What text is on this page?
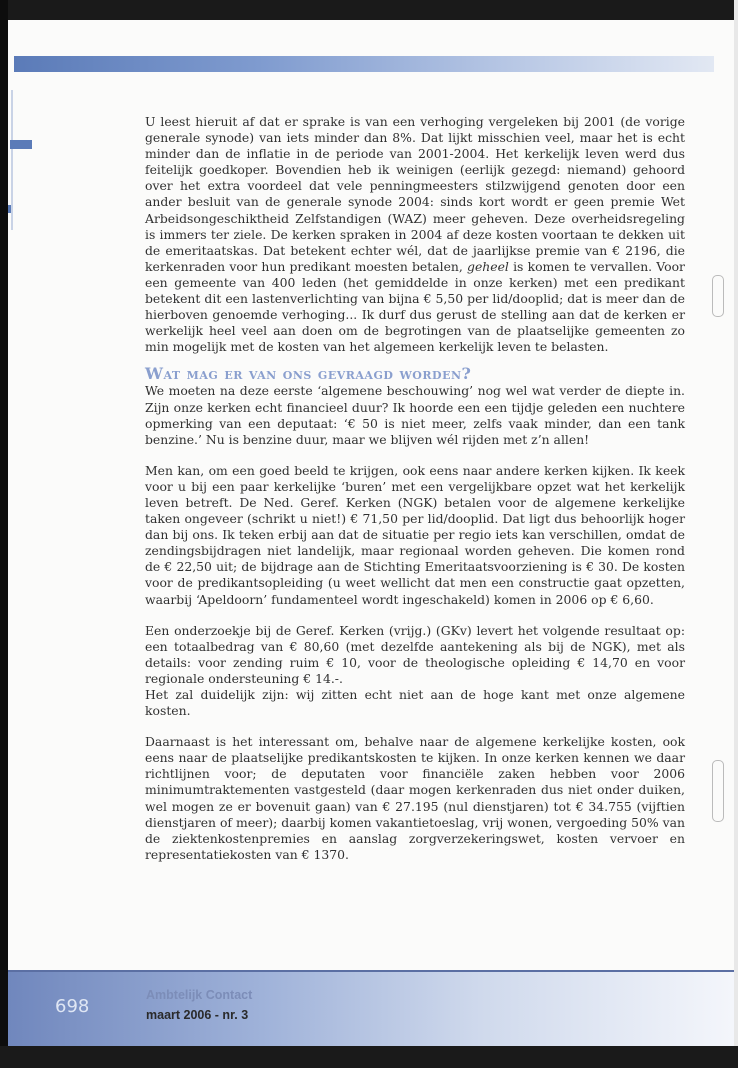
U leest hieruit af dat er sprake is van een verhoging vergeleken bij 2001 (de vorige generale synode) van iets minder dan 8%. Dat lijkt misschien veel, maar het is echt minder dan de inflatie in de periode van 2001-2004. Het kerkelijk leven werd dus feitelijk goedkoper. Bovendien heb ik weinigen (eerlijk gezegd: niemand) gehoord over het extra voordeel dat vele penningmeesters stilzwijgend genoten door een ander besluit van de generale synode 2004: sinds kort wordt er geen premie Wet Arbeidsongeschiktheid Zelfstandigen (WAZ) meer geheven. Deze overheidsregeling is immers ter ziele. De kerken spraken in 2004 af deze kosten voortaan te dekken uit de emeritaatskas. Dat betekent echter wél, dat de jaarlijkse premie van € 2196, die kerkenraden voor hun predikant moesten betalen, geheel is komen te vervallen. Voor een gemeente van 400 leden (het gemiddelde in onze kerken) met een predikant betekent dit een lastenverlichting van bijna € 5,50 per lid/dooplid; dat is meer dan de hierboven genoemde verhoging... Ik durf dus gerust de stelling aan dat de kerken er werkelijk heel veel aan doen om de begrotingen van de plaatselijke gemeenten zo min mogelijk met de kosten van het algemeen kerkelijk leven te belasten.

Wat mag er van ons gevraagd worden?

We moeten na deze eerste ‘algemene beschouwing’ nog wel wat verder de diepte in. Zijn onze kerken echt financieel duur? Ik hoorde een een tijdje geleden een nuchtere opmerking van een deputaat: ‘€ 50 is niet meer, zelfs vaak minder, dan een tank benzine.’ Nu is benzine duur, maar we blijven wél rijden met z’n allen!

Men kan, om een goed beeld te krijgen, ook eens naar andere kerken kijken. Ik keek voor u bij een paar kerkelijke ‘buren’ met een vergelijkbare opzet wat het kerkelijk leven betreft. De Ned. Geref. Kerken (NGK) betalen voor de algemene kerkelijke taken ongeveer (schrikt u niet!) € 71,50 per lid/dooplid. Dat ligt dus behoorlijk hoger dan bij ons. Ik teken erbij aan dat de situatie per regio iets kan verschillen, omdat de zendingsbijdragen niet landelijk, maar regionaal worden geheven. Die komen rond de € 22,50 uit; de bijdrage aan de Stichting Emeritaatsvoorziening is € 30. De kosten voor de predikantsopleiding (u weet wellicht dat men een constructie gaat opzetten, waarbij ‘Apeldoorn’ fundamenteel wordt ingeschakeld) komen in 2006 op € 6,60.

Een onderzoekje bij de Geref. Kerken (vrijg.) (GKv) levert het volgende resultaat op: een totaalbedrag van € 80,60 (met dezelfde aantekening als bij de NGK), met als details: voor zending ruim € 10, voor de theologische opleiding € 14,70 en voor regionale ondersteuning € 14.-.

Het zal duidelijk zijn: wij zitten echt niet aan de hoge kant met onze algemene kosten.

Daarnaast is het interessant om, behalve naar de algemene kerkelijke kosten, ook eens naar de plaatselijke predikantskosten te kijken. In onze kerken kennen we daar richtlijnen voor; de deputaten voor financiële zaken hebben voor 2006 minimumtraktementen vastgesteld (daar mogen kerkenraden dus niet onder duiken, wel mogen ze er bovenuit gaan) van € 27.195 (nul dienstjaren) tot € 34.755 (vijftien dienstjaren of meer); daarbij komen vakantietoeslag, vrij wonen, vergoeding 50% van de ziektenkostenpremies en aanslag zorgverzekeringswet, kosten vervoer en representatiekosten van € 1370.

698
Ambtelijk Contact
maart 2006 - nr. 3
